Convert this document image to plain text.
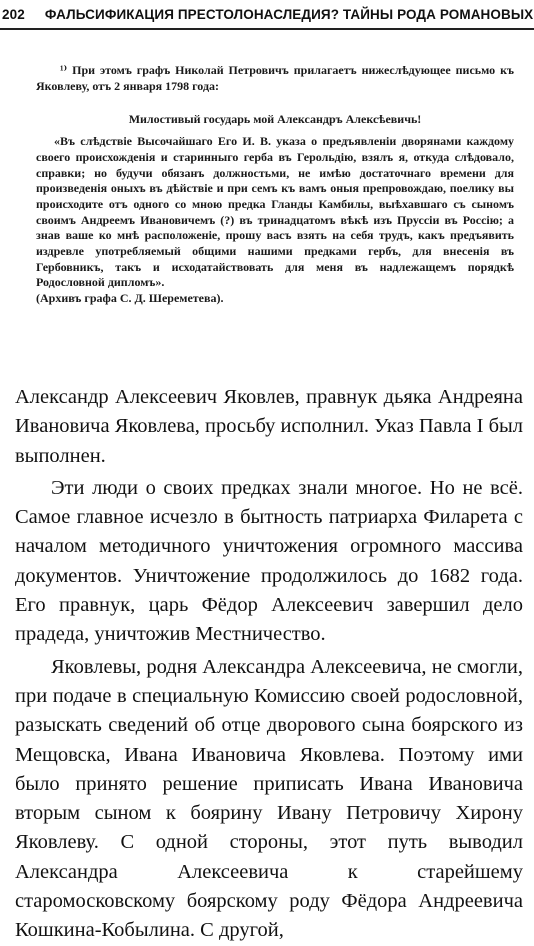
202 ФАЛЬСИФИКАЦИЯ ПРЕСТОЛОНАСЛЕДИЯ? ТАЙНЫ РОДА РОМАНОВЫХ

¹⁾ При этомъ графъ Николай Петровичъ прилагаетъ нижеслѣдующее письмо къ Яковлеву, отъ 2 января 1798 года:

Милостивый государь мой Александръ Алексѣевичь!

«Въ слѣдствіе Высочайшаго Его И. В. указа о предъявленіи дворянами каждому своего происхожденія и старинныго герба въ Герольдію, взялъ я, откуда слѣдовало, справки; но будучи обязанъ должностьми, не имѣю достаточнаго времени для произведенія оныхъ въ дѣйствіе и при семъ къ вамъ оныя препровождаю, поелику вы происходите отъ одного со мною предка Гланды Камбилы, выѣхавшаго съ сыномъ своимъ Андреемъ Ивановичемъ (?) въ тринадцатомъ вѣкѣ изъ Пруссіи въ Россію; а знав ваше ко мнѣ расположеніе, прошу васъ взять на себя трудъ, какъ предъявить издревле употребляемый общими нашими предками гербъ, для внесенія въ Гербовникъ, такъ и исходатайствовать для меня въ надлежащемъ порядкѣ Родословной дипломъ».

(Архивъ графа С. Д. Шереметева).

Александр Алексеевич Яковлев, правнук дьяка Андреяна Ивановича Яковлева, просьбу исполнил. Указ Павла I был выполнен.

Эти люди о своих предках знали многое. Но не всё. Самое главное исчезло в бытность патриарха Филарета с началом методичного уничтожения огромного массива документов. Уничтожение продолжилось до 1682 года. Его правнук, царь Фёдор Алексеевич завершил дело прадеда, уничтожив Местничество.

Яковлевы, родня Александра Алексеевича, не смогли, при подаче в специальную Комиссию своей родословной, разыскать сведений об отце дворового сына боярского из Мещовска, Ивана Ивановича Яковлева. Поэтому ими было принято решение приписать Ивана Ивановича вторым сыном к боярину Ивану Петровичу Хирону Яковлеву. С одной стороны, этот путь выводил Александра Алексеевича к старейшему старомосковскому боярскому роду Фёдора Андреевича Кошкина-Кобылина. С другой,
